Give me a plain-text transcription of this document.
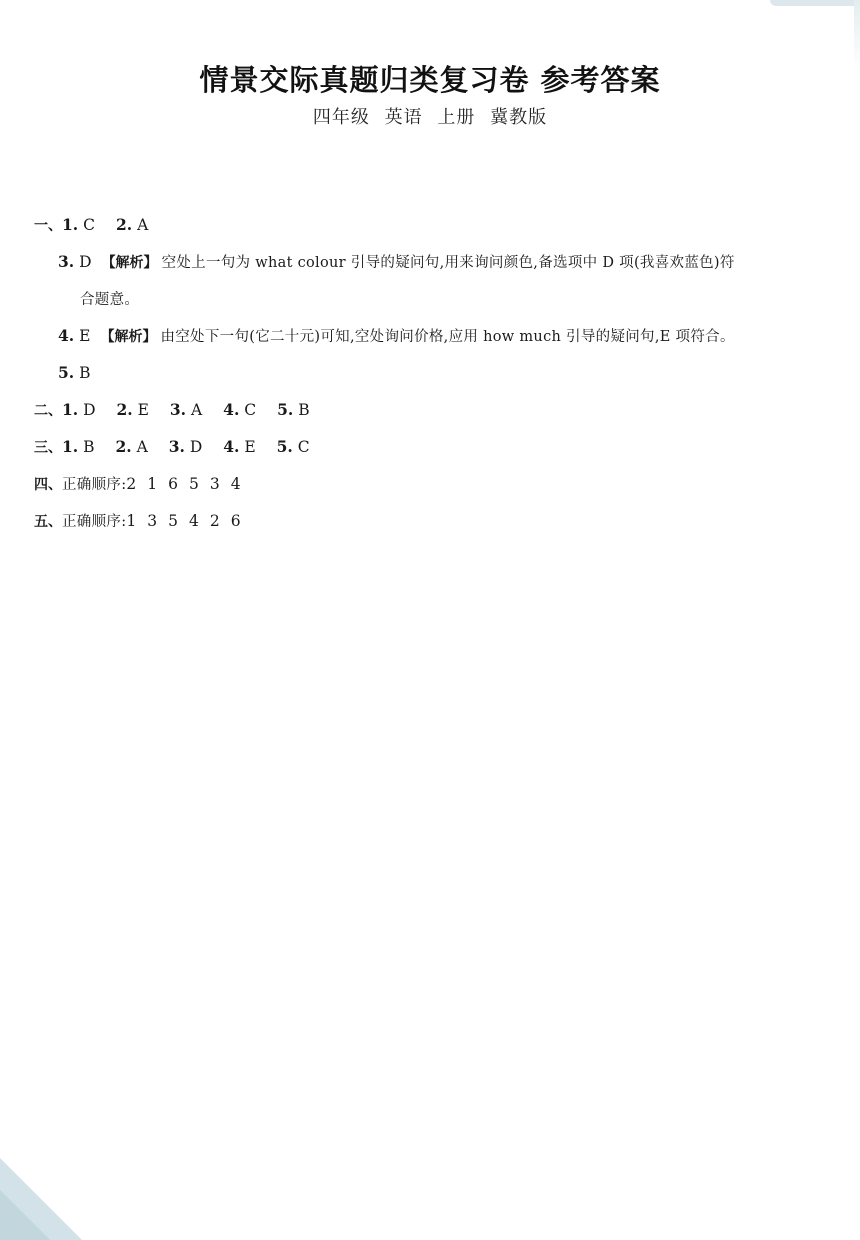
情景交际真题归类复习卷 参考答案
四年级 英语 上册 冀教版
一、1. C 2. A
3. D 【解析】 空处上一句为 what colour 引导的疑问句,用来询问颜色,备选项中 D 项(我喜欢蓝色)符
合题意。
4. E 【解析】 由空处下一句(它二十元)可知,空处询问价格,应用 how much 引导的疑问句,E 项符合。
5. B
二、1. D 2. E 3. A 4. C 5. B
三、1. B 2. A 3. D 4. E 5. C
四、正确顺序:2 1 6 5 3 4
五、正确顺序:1 3 5 4 2 6
